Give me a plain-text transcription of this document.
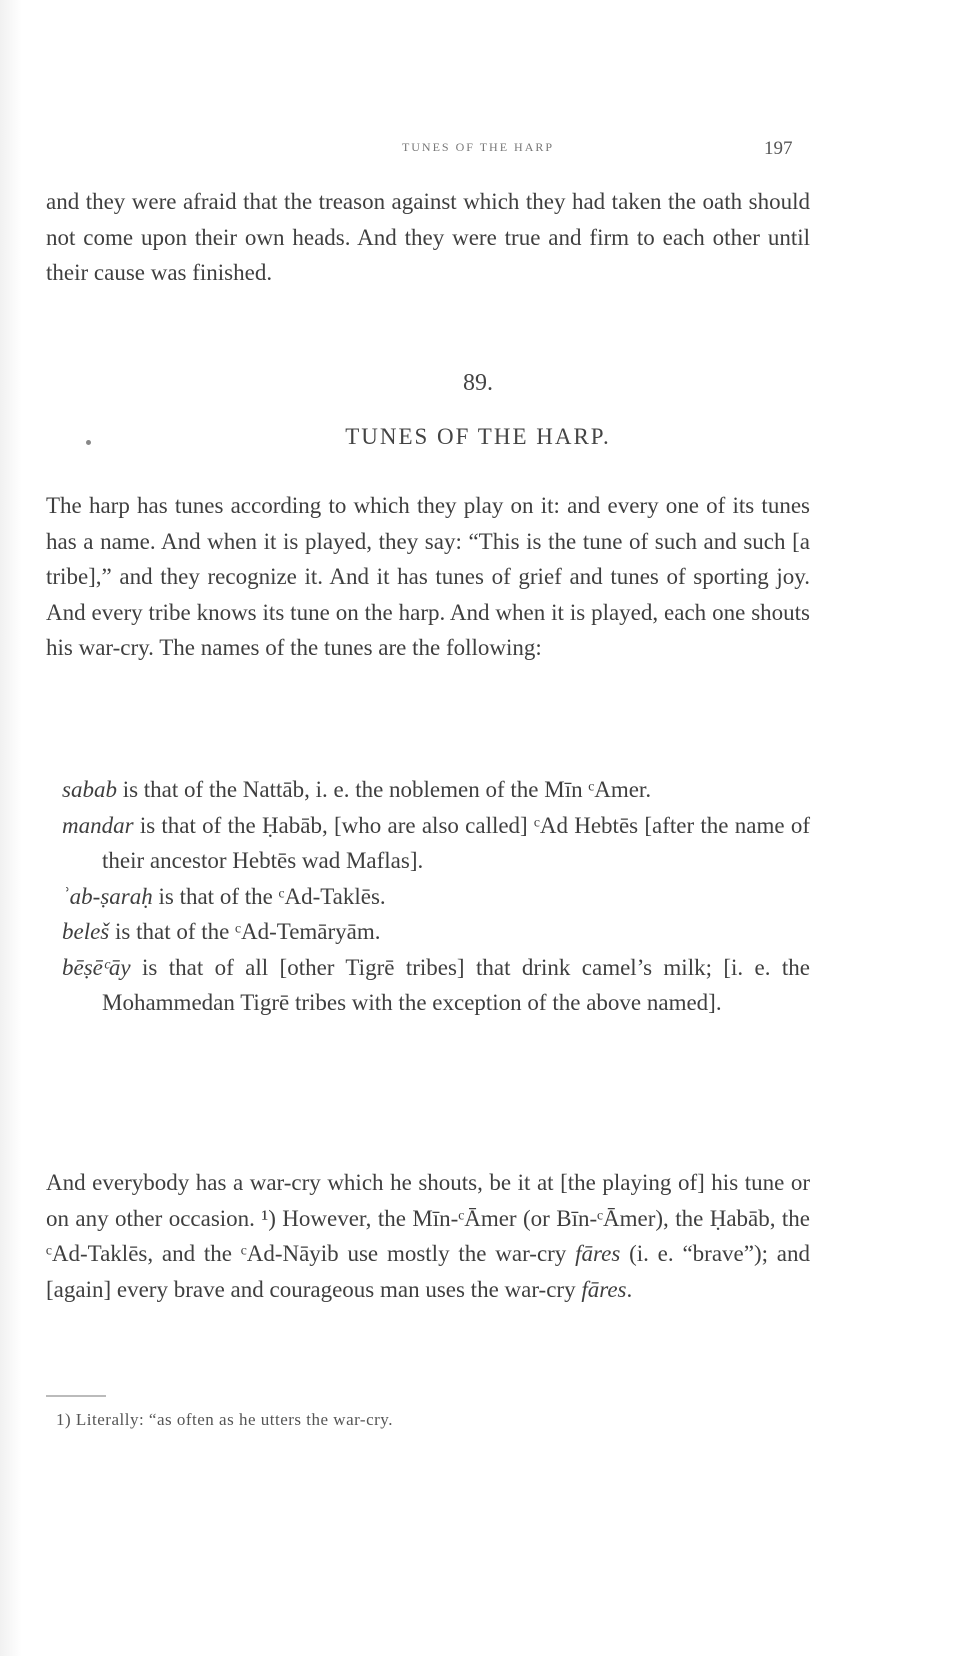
TUNES OF THE HARP	197

and they were afraid that the treason against which they had taken the oath should not come upon their own heads. And they were true and firm to each other until their cause was finished.

89.
TUNES OF THE HARP.

The harp has tunes according to which they play on it: and every one of its tunes has a name. And when it is played, they say: “This is the tune of such and such [a tribe],” and they recognize it. And it has tunes of grief and tunes of sporting joy. And every tribe knows its tune on the harp. And when it is played, each one shouts his war-cry. The names of the tunes are the following:

sabab is that of the Nattāb, i. e. the noblemen of the Mīn ᶜAmer.
mandar is that of the Ḥabāb, [who are also called] ᶜAd Hebtēs [after the name of their ancestor Hebtēs wad Maflas].
ʾab-ṣaraḥ is that of the ᶜAd-Taklēs.
beleš is that of the ᶜAd-Temāryām.
bēṣēᶜāy is that of all [other Tigrē tribes] that drink camel’s milk; [i. e. the Mohammedan Tigrē tribes with the exception of the above named].

And everybody has a war-cry which he shouts, be it at [the playing of] his tune or on any other occasion. ¹) However, the Mīn-ᶜĀmer (or Bīn-ᶜĀmer), the Ḥabāb, the ᶜAd-Taklēs, and the ᶜAd-Nāyib use mostly the war-cry fāres (i. e. “brave”); and [again] every brave and courageous man uses the war-cry fāres.

1) Literally: “as often as he utters the war-cry.
